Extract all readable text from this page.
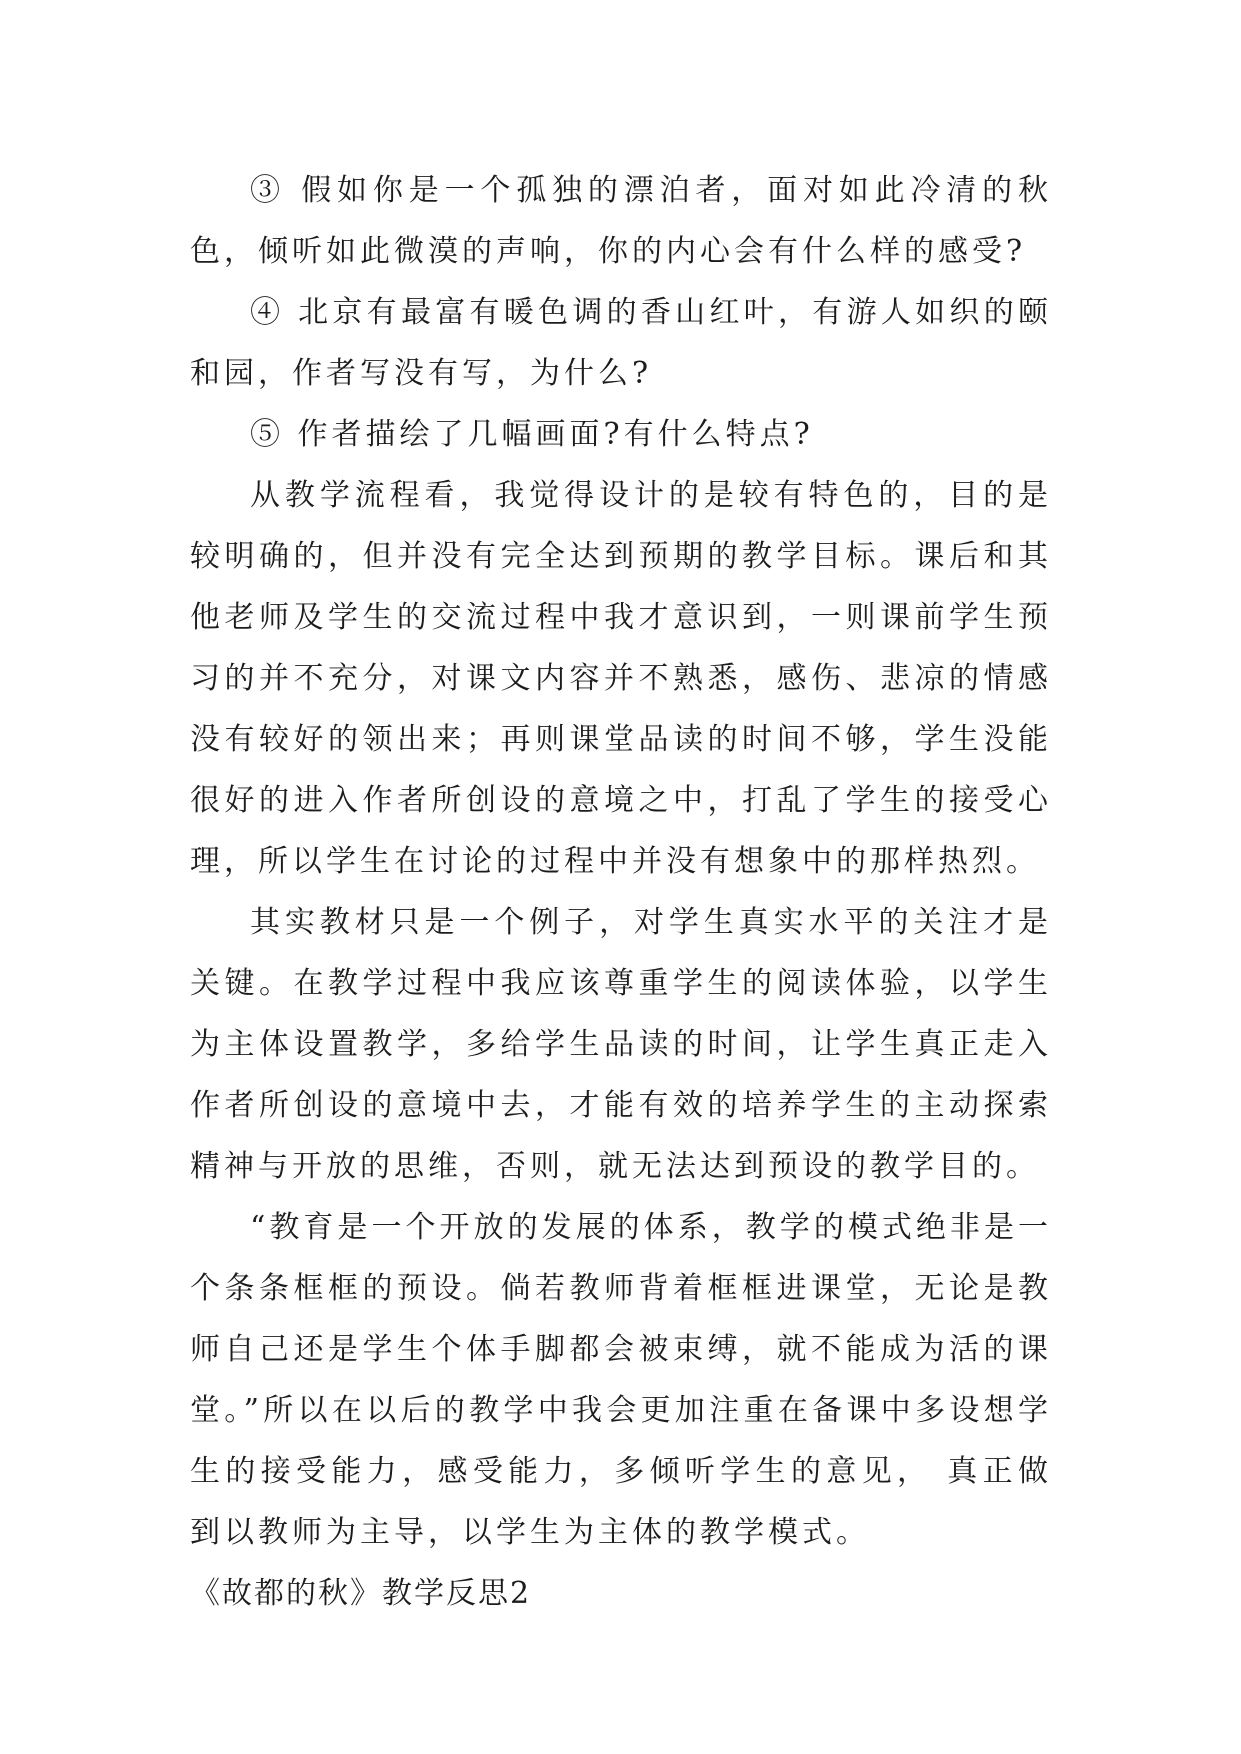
③ 假如你是一个孤独的漂泊者，面对如此冷清的秋色，倾听如此微漠的声响，你的内心会有什么样的感受?

④ 北京有最富有暖色调的香山红叶，有游人如织的颐和园，作者写没有写，为什么?

⑤ 作者描绘了几幅画面?有什么特点?

从教学流程看，我觉得设计的是较有特色的，目的是较明确的，但并没有完全达到预期的教学目标。课后和其他老师及学生的交流过程中我才意识到，一则课前学生预习的并不充分，对课文内容并不熟悉，感伤、悲凉的情感没有较好的领出来；再则课堂品读的时间不够，学生没能很好的进入作者所创设的意境之中，打乱了学生的接受心理，所以学生在讨论的过程中并没有想象中的那样热烈。

其实教材只是一个例子，对学生真实水平的关注才是关键。在教学过程中我应该尊重学生的阅读体验，以学生为主体设置教学，多给学生品读的时间，让学生真正走入作者所创设的意境中去，才能有效的培养学生的主动探索精神与开放的思维，否则，就无法达到预设的教学目的。

“教育是一个开放的发展的体系，教学的模式绝非是一个条条框框的预设。倘若教师背着框框进课堂，无论是教师自己还是学生个体手脚都会被束缚，就不能成为活的课堂。”所以在以后的教学中我会更加注重在备课中多设想学生的接受能力，感受能力，多倾听学生的意见， 真正做到以教师为主导，以学生为主体的教学模式。

《故都的秋》教学反思2
